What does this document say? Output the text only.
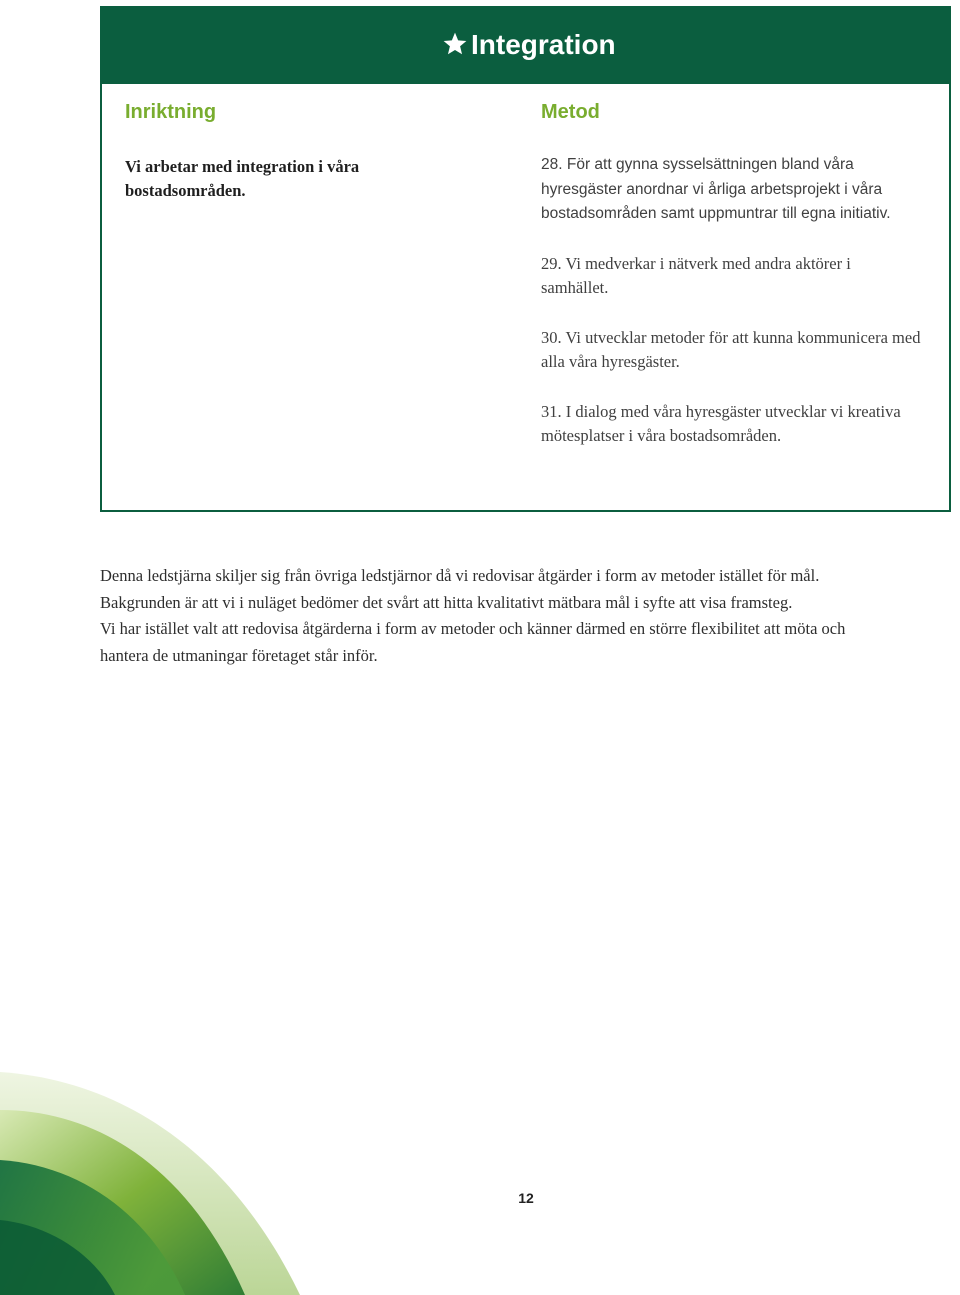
Integration
Inriktning

Vi arbetar med integration i våra bostadsområden.

Metod
28. För att gynna sysselsättningen bland våra hyresgäster anordnar vi årliga arbetsprojekt i våra bostadsområden samt uppmuntrar till egna initiativ.
29. Vi medverkar i nätverk med andra aktörer i samhället.
30. Vi utvecklar metoder för att kunna kommunicera med alla våra hyresgäster.
31. I dialog med våra hyresgäster utvecklar vi kreativa mötesplatser i våra bostadsområden.

Denna ledstjärna skiljer sig från övriga ledstjärnor då vi redovisar åtgärder i form av metoder istället för mål.

Bakgrunden är att vi i nuläget bedömer det svårt att hitta kvalitativt mätbara mål i syfte att visa framsteg.

Vi har istället valt att redovisa åtgärderna i form av metoder och känner därmed en större flexibilitet att möta och

hantera de utmaningar företaget står inför.

12
